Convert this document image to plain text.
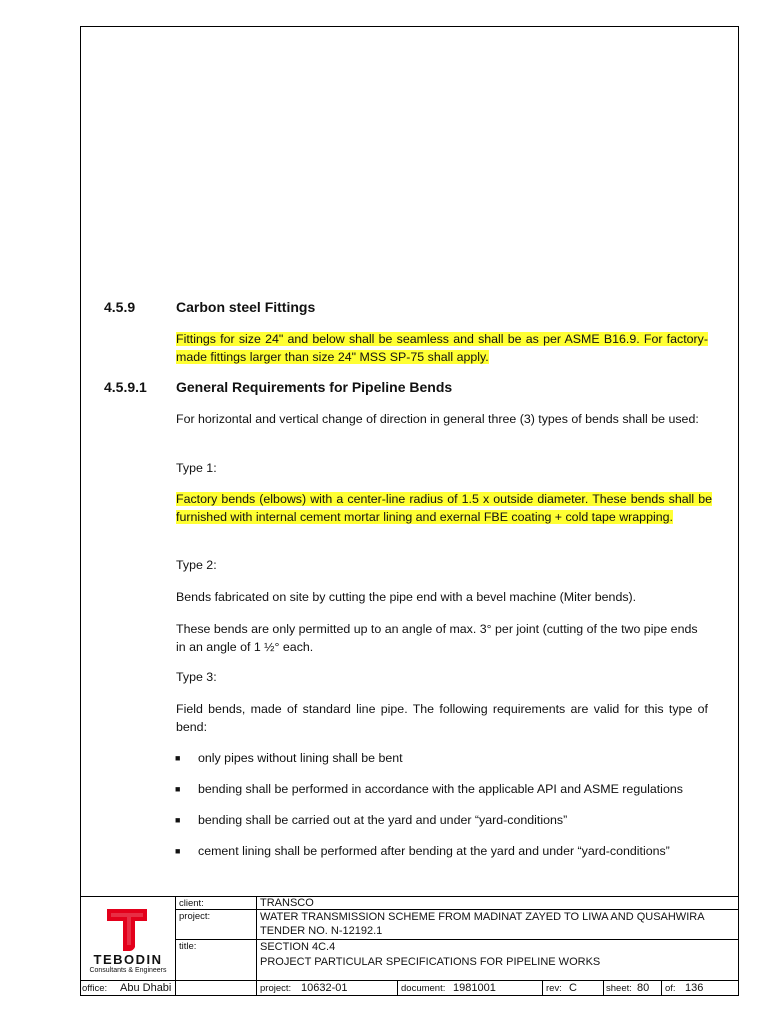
4.5.9	Carbon steel Fittings
Fittings for size 24" and below shall be seamless and shall be as per ASME B16.9. For factory-made fittings larger than size 24" MSS SP-75 shall apply.
4.5.9.1 General Requirements for Pipeline Bends
For horizontal and vertical change of direction in general three (3) types of bends shall be used:
Type 1:
Factory bends (elbows) with a center-line radius of 1.5 x outside diameter. These bends shall be furnished with internal cement mortar lining and exernal FBE coating + cold tape wrapping.
Type 2:
Bends fabricated on site by cutting the pipe end with a bevel machine (Miter bends).
These bends are only permitted up to an angle of max. 3° per joint (cutting of the two pipe ends in an angle of 1 ½° each.
Type 3:
Field bends, made of standard line pipe. The following requirements are valid for this type of bend:
■ only pipes without lining shall be bent
■ bending shall be performed in accordance with the applicable API and ASME regulations
■ bending shall be carried out at the yard and under “yard-conditions”
■ cement lining shall be performed after bending at the yard and under “yard-conditions”
TEBODIN
Consultants & Engineers
client:	TRANSCO
project:	WATER TRANSMISSION SCHEME FROM MADINAT ZAYED TO LIWA AND QUSAHWIRA
TENDER NO. N-12192.1
title:	SECTION 4C.4
PROJECT PARTICULAR SPECIFICATIONS FOR PIPELINE WORKS
office: Abu Dhabi	project: 10632-01	document: 1981001	rev: C	sheet: 80 of: 136
